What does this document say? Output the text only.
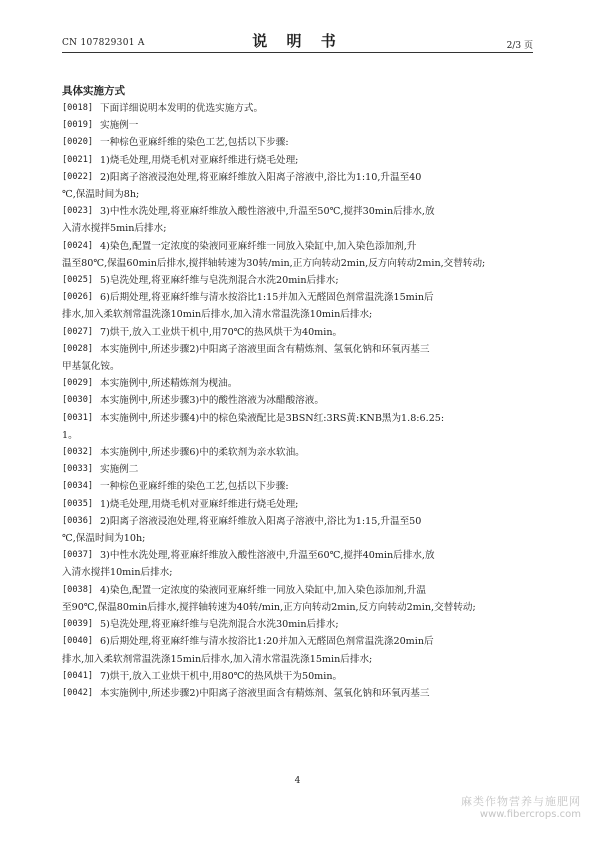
CN 107829301 A	说 明 书	2/3 页
具体实施方式
[0018] 下面详细说明本发明的优选实施方式。
[0019] 实施例一
[0020] 一种棕色亚麻纤维的染色工艺,包括以下步骤:
[0021] 1)烧毛处理,用烧毛机对亚麻纤维进行烧毛处理;
[0022] 2)阳离子溶液浸泡处理,将亚麻纤维放入阳离子溶液中,浴比为1:10,升温至40
℃,保温时间为8h;
[0023] 3)中性水洗处理,将亚麻纤维放入酸性溶液中,升温至50℃,搅拌30min后排水,放
入清水搅拌5min后排水;
[0024] 4)染色,配置一定浓度的染液同亚麻纤维一同放入染缸中,加入染色添加剂,升
温至80℃,保温60min后排水,搅拌轴转速为30转/min,正方向转动2min,反方向转动2min,交替转动;
[0025] 5)皂洗处理,将亚麻纤维与皂洗剂混合水洗20min后排水;
[0026] 6)后期处理,将亚麻纤维与清水按浴比1:15并加入无醛固色剂常温洗涤15min后
排水,加入柔软剂常温洗涤10min后排水,加入清水常温洗涤10min后排水;
[0027] 7)烘干,放入工业烘干机中,用70℃的热风烘干为40min。
[0028] 本实施例中,所述步骤2)中阳离子溶液里面含有精炼剂、氢氧化钠和环氧丙基三
甲基氯化铵。
[0029] 本实施例中,所述精炼剂为枧油。
[0030] 本实施例中,所述步骤3)中的酸性溶液为冰醋酸溶液。
[0031] 本实施例中,所述步骤4)中的棕色染液配比是3BSN红:3RS黄:KNB黑为1.8:6.25:
1。
[0032] 本实施例中,所述步骤6)中的柔软剂为亲水软油。
[0033] 实施例二
[0034] 一种棕色亚麻纤维的染色工艺,包括以下步骤:
[0035] 1)烧毛处理,用烧毛机对亚麻纤维进行烧毛处理;
[0036] 2)阳离子溶液浸泡处理,将亚麻纤维放入阳离子溶液中,浴比为1:15,升温至50
℃,保温时间为10h;
[0037] 3)中性水洗处理,将亚麻纤维放入酸性溶液中,升温至60℃,搅拌40min后排水,放
入清水搅拌10min后排水;
[0038] 4)染色,配置一定浓度的染液同亚麻纤维一同放入染缸中,加入染色添加剂,升温
至90℃,保温80min后排水,搅拌轴转速为40转/min,正方向转动2min,反方向转动2min,交替转动;
[0039] 5)皂洗处理,将亚麻纤维与皂洗剂混合水洗30min后排水;
[0040] 6)后期处理,将亚麻纤维与清水按浴比1:20并加入无醛固色剂常温洗涤20min后
排水,加入柔软剂常温洗涤15min后排水,加入清水常温洗涤15min后排水;
[0041] 7)烘干,放入工业烘干机中,用80℃的热风烘干为50min。
[0042] 本实施例中,所述步骤2)中阳离子溶液里面含有精炼剂、氢氧化钠和环氧丙基三
4
麻类作物营养与施肥网
www.fibercrops.com
